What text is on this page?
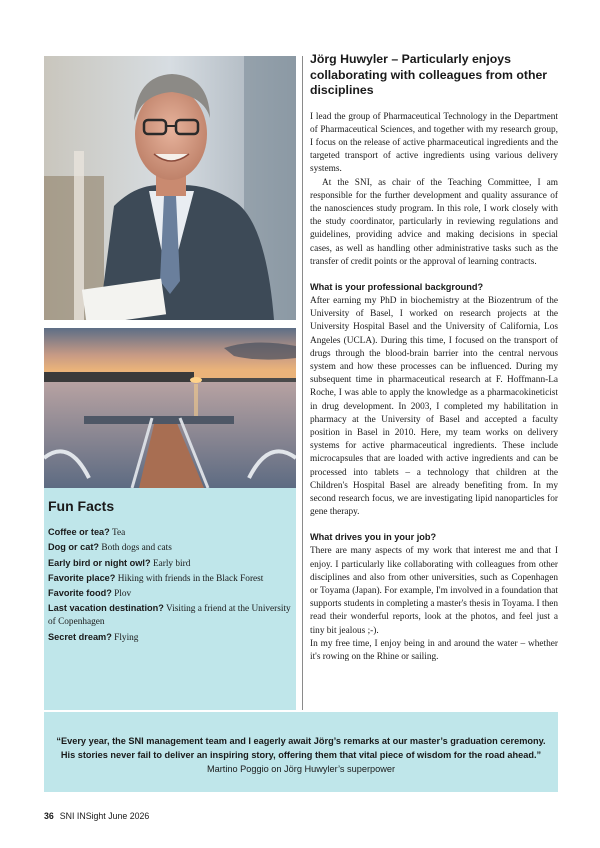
Fun Facts

Coffee or tea? Tea

Dog or cat? Both dogs and cats

Early bird or night owl? Early bird

Favorite place? Hiking with friends in the Black Forest

Favorite food? Plov

Last vacation destination? Visiting a friend at the University of Copenhagen

Secret dream? Flying

Jörg Huwyler – Particularly enjoys collaborating with colleagues from other disciplines

I lead the group of Pharmaceutical Technology in the Department of Pharmaceutical Sciences, and together with my research group, I focus on the release of active pharmaceutical ingredients and the targeted transport of active ingredients using various delivery systems.

At the SNI, as chair of the Teaching Committee, I am responsible for the further development and quality assurance of the nanosciences study program. In this role, I work closely with the study coordinator, particularly in reviewing regulations and guidelines, providing advice and making decisions in special cases, as well as handling other administrative tasks such as the transfer of credit points or the approval of learning contracts.

What is your professional background?

After earning my PhD in biochemistry at the Biozentrum of the University of Basel, I worked on research projects at the University Hospital Basel and the University of California, Los Angeles (UCLA). During this time, I focused on the transport of drugs through the blood-brain barrier into the central nervous system and how these processes can be influenced. During my subsequent time in pharmaceutical research at F. Hoffmann-La Roche, I was able to apply the knowledge as a pharmacokineticist in drug development. In 2003, I completed my habilitation in pharmacy at the University of Basel and accepted a faculty position in Basel in 2010. Here, my team works on delivery systems for active pharmaceutical ingredients. These include microcapsules that are loaded with active ingredients and can be processed into tablets – a technology that children at the Children's Hospital Basel are already benefiting from. In my second research focus, we are investigating lipid nanoparticles for gene therapy.

What drives you in your job?

There are many aspects of my work that interest me and that I enjoy. I particularly like collaborating with colleagues from other disciplines and also from other universities, such as Copenhagen or Toyama (Japan). For example, I'm involved in a foundation that supports students in completing a master's thesis in Toyama. I then read their wonderful reports, look at the photos, and feel just a tiny bit jealous ;-).

In my free time, I enjoy being in and around the water – whether it's rowing on the Rhine or sailing.

“Every year, the SNI management team and I eagerly await Jörg’s remarks at our master’s graduation ceremony. His stories never fail to deliver an inspiring story, offering them that vital piece of wisdom for the road ahead.”

Martino Poggio on Jörg Huwyler’s superpower

36 SNI INSight June 2026
